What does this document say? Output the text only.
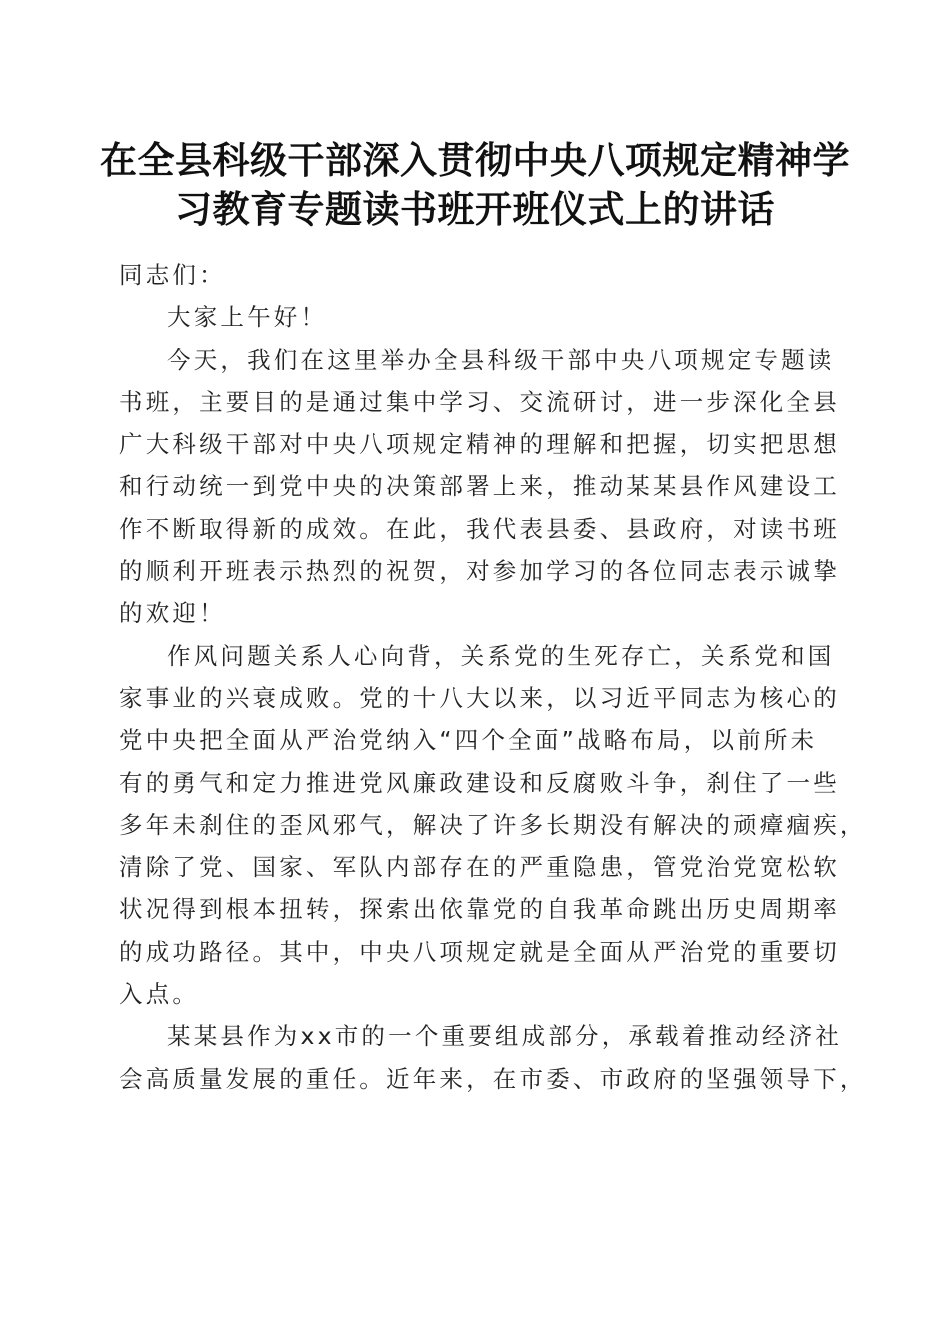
在全县科级干部深入贯彻中央八项规定精神学
习教育专题读书班开班仪式上的讲话

同志们：

大家上午好！

今天，我们在这里举办全县科级干部中央八项规定专题读
书班，主要目的是通过集中学习、交流研讨，进一步深化全县
广大科级干部对中央八项规定精神的理解和把握，切实把思想
和行动统一到党中央的决策部署上来，推动某某县作风建设工
作不断取得新的成效。在此，我代表县委、县政府，对读书班
的顺利开班表示热烈的祝贺，对参加学习的各位同志表示诚挚
的欢迎！

作风问题关系人心向背，关系党的生死存亡，关系党和国
家事业的兴衰成败。党的十八大以来，以习近平同志为核心的
党中央把全面从严治党纳入“四个全面”战略布局，以前所未
有的勇气和定力推进党风廉政建设和反腐败斗争，刹住了一些
多年未刹住的歪风邪气，解决了许多长期没有解决的顽瘴痼疾，
清除了党、国家、军队内部存在的严重隐患，管党治党宽松软
状况得到根本扭转，探索出依靠党的自我革命跳出历史周期率
的成功路径。其中，中央八项规定就是全面从严治党的重要切
入点。

某某县作为xx市的一个重要组成部分，承载着推动经济社
会高质量发展的重任。近年来，在市委、市政府的坚强领导下，
